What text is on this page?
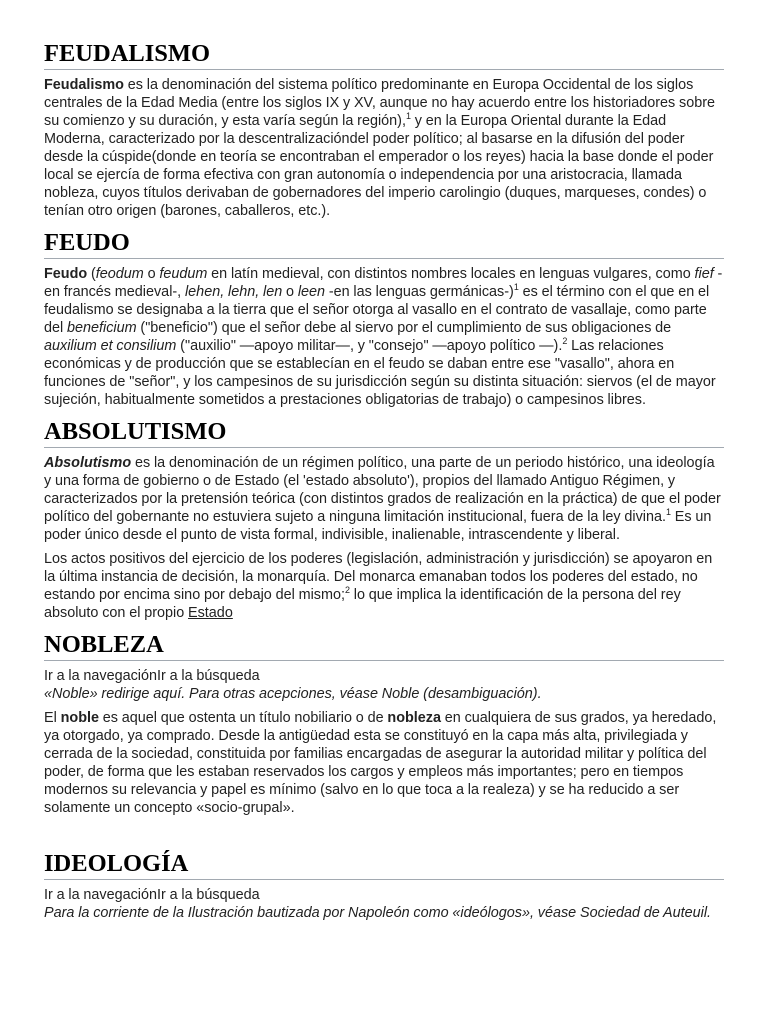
FEUDALISMO

Feudalismo es la denominación del sistema político predominante en Europa Occidental de los siglos centrales de la Edad Media (entre los siglos IX y XV, aunque no hay acuerdo entre los historiadores sobre su comienzo y su duración, y esta varía según la región),$^1$ y en la Europa Oriental durante la Edad Moderna, caracterizado por la descentralizacióndel poder político; al basarse en la difusión del poder desde la cúspide(donde en teoría se encontraban el emperador o los reyes) hacia la base donde el poder local se ejercía de forma efectiva con gran autonomía o independencia por una aristocracia, llamada nobleza, cuyos títulos derivaban de gobernadores del imperio carolingio (duques, marqueses, condes) o tenían otro origen (barones, caballeros, etc.).

FEUDO

Feudo (feodum o feudum en latín medieval, con distintos nombres locales en lenguas vulgares, como fief -en francés medieval-, lehen, lehn, len o leen -en las lenguas germánicas-)$^1$ es el término con el que en el feudalismo se designaba a la tierra que el señor otorga al vasallo en el contrato de vasallaje, como parte del beneficium ("beneficio") que el señor debe al siervo por el cumplimiento de sus obligaciones de auxilium et consilium ("auxilio" —apoyo militar—, y "consejo" —apoyo político —).$^2$ Las relaciones económicas y de producción que se establecían en el feudo se daban entre ese "vasallo", ahora en funciones de "señor", y los campesinos de su jurisdicción según su distinta situación: siervos (el de mayor sujeción, habitualmente sometidos a prestaciones obligatorias de trabajo) o campesinos libres.

ABSOLUTISMO

Absolutismo es la denominación de un régimen político, una parte de un periodo histórico, una ideología y una forma de gobierno o de Estado (el 'estado absoluto'), propios del llamado Antiguo Régimen, y caracterizados por la pretensión teórica (con distintos grados de realización en la práctica) de que el poder político del gobernante no estuviera sujeto a ninguna limitación institucional, fuera de la ley divina.$^1$ Es un poder único desde el punto de vista formal, indivisible, inalienable, intrascendente y liberal.

Los actos positivos del ejercicio de los poderes (legislación, administración y jurisdicción) se apoyaron en la última instancia de decisión, la monarquía. Del monarca emanaban todos los poderes del estado, no estando por encima sino por debajo del mismo;$^2$ lo que implica la identificación de la persona del rey absoluto con el propio Estado

NOBLEZA

Ir a la navegaciónIr a la búsqueda

«Noble» redirige aquí. Para otras acepciones, véase Noble (desambiguación).

El noble es aquel que ostenta un título nobiliario o de nobleza en cualquiera de sus grados, ya heredado, ya otorgado, ya comprado. Desde la antigüedad esta se constituyó en la capa más alta, privilegiada y cerrada de la sociedad, constituida por familias encargadas de asegurar la autoridad militar y política del poder, de forma que les estaban reservados los cargos y empleos más importantes; pero en tiempos modernos su relevancia y papel es mínimo (salvo en lo que toca a la realeza) y se ha reducido a ser solamente un concepto «socio-grupal».

IDEOLOGÍA

Ir a la navegaciónIr a la búsqueda

Para la corriente de la Ilustración bautizada por Napoleón como «ideólogos», véase Sociedad de Auteuil.
